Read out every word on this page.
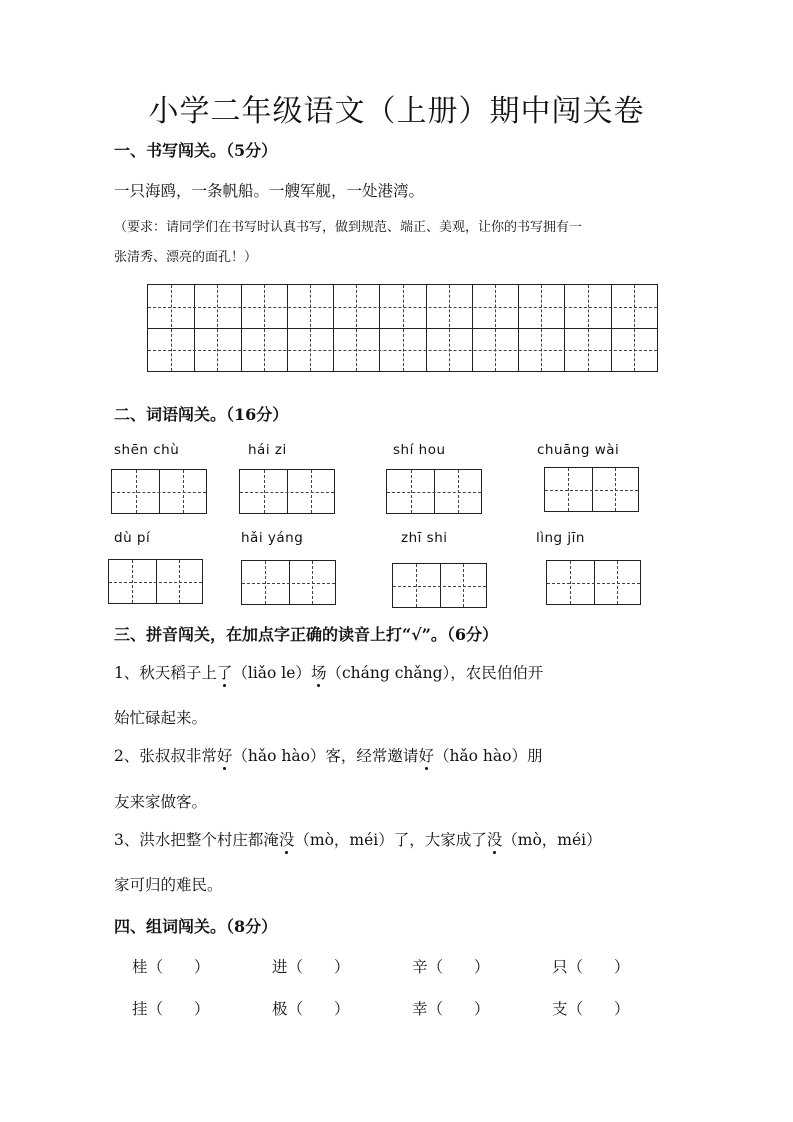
小学二年级语文（上册）期中闯关卷
一、书写闯关。（5分）
一只海鸥，一条帆船。一艘军舰，一处港湾。
（要求：请同学们在书写时认真书写，做到规范、端正、美观，让你的书写拥有一
张清秀、漂亮的面孔！）
二、词语闯关。（16分）
shēn chù	hái zi	shí hou	chuāng wài
dù pí	hǎi yáng	zhī shi	lìng jīn
三、拼音闯关，在加点字正确的读音上打“√”。（6分）
1、秋天稻子上了（liǎo le）场（cháng chǎng），农民伯伯开
始忙碌起来。
2、张叔叔非常好（hǎo hào）客，经常邀请好（hǎo hào）朋
友来家做客。
3、洪水把整个村庄都淹没（mò，méi）了，大家成了没（mò，méi）
家可归的难民。
四、组词闯关。（8分）
桂（　　）	进（　　）	辛（　　）	只（　　）
挂（　　）	极（　　）	幸（　　）	支（　　）
